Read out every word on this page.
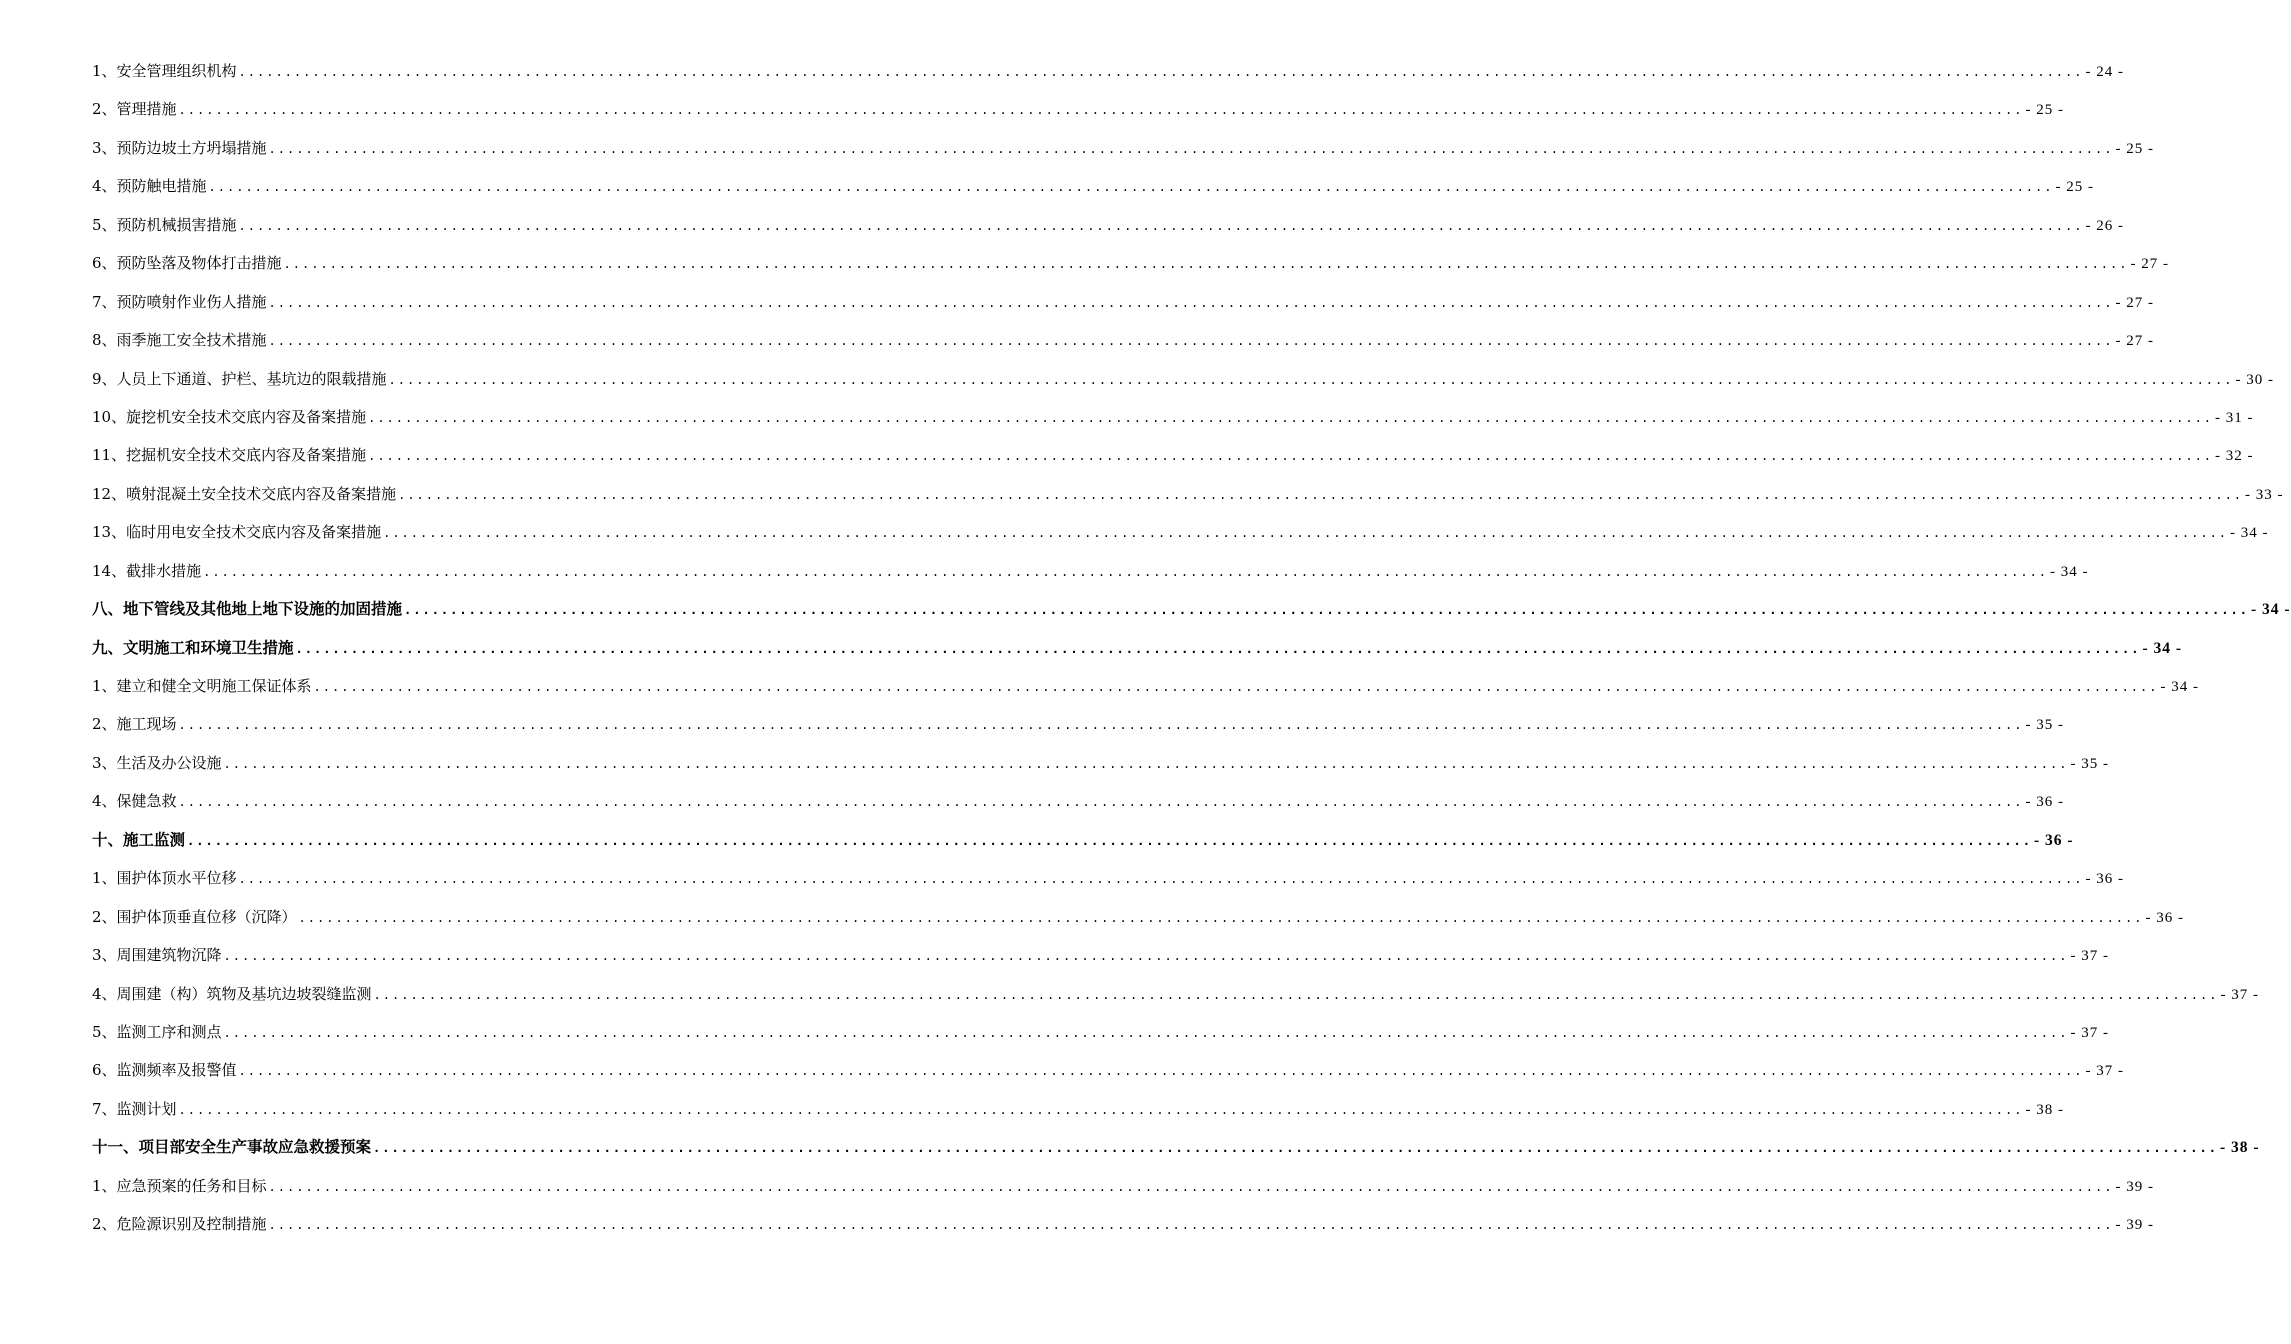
1、安全管理组织机构 ........................................................................................................................................................................................................ - 24 -
2、管理措施 ........................................................................................................................................................................................................ - 25 -
3、预防边坡土方坍塌措施 ........................................................................................................................................................................................................ - 25 -
4、预防触电措施 ........................................................................................................................................................................................................ - 25 -
5、预防机械损害措施 ........................................................................................................................................................................................................ - 26 -
6、预防坠落及物体打击措施 ........................................................................................................................................................................................................ - 27 -
7、预防喷射作业伤人措施 ........................................................................................................................................................................................................ - 27 -
8、雨季施工安全技术措施 ........................................................................................................................................................................................................ - 27 -
9、人员上下通道、护栏、基坑边的限载措施 ........................................................................................................................................................................................................ - 30 -
10、旋挖机安全技术交底内容及备案措施 ........................................................................................................................................................................................................ - 31 -
11、挖掘机安全技术交底内容及备案措施 ........................................................................................................................................................................................................ - 32 -
12、喷射混凝土安全技术交底内容及备案措施 ........................................................................................................................................................................................................ - 33 -
13、临时用电安全技术交底内容及备案措施 ........................................................................................................................................................................................................ - 34 -
14、截排水措施 ........................................................................................................................................................................................................ - 34 -
八、地下管线及其他地上地下设施的加固措施 ........................................................................................................................................................................................................ - 34 -
九、文明施工和环境卫生措施 ........................................................................................................................................................................................................ - 34 -
1、建立和健全文明施工保证体系 ........................................................................................................................................................................................................ - 34 -
2、施工现场 ........................................................................................................................................................................................................ - 35 -
3、生活及办公设施 ........................................................................................................................................................................................................ - 35 -
4、保健急救 ........................................................................................................................................................................................................ - 36 -
十、施工监测 ........................................................................................................................................................................................................ - 36 -
1、围护体顶水平位移 ........................................................................................................................................................................................................ - 36 -
2、围护体顶垂直位移（沉降） ........................................................................................................................................................................................................ - 36 -
3、周围建筑物沉降 ........................................................................................................................................................................................................ - 37 -
4、周围建（构）筑物及基坑边坡裂缝监测 ........................................................................................................................................................................................................ - 37 -
5、监测工序和测点 ........................................................................................................................................................................................................ - 37 -
6、监测频率及报警值 ........................................................................................................................................................................................................ - 37 -
7、监测计划 ........................................................................................................................................................................................................ - 38 -
十一、项目部安全生产事故应急救援预案 ........................................................................................................................................................................................................ - 38 -
1、应急预案的任务和目标 ........................................................................................................................................................................................................ - 39 -
2、危险源识别及控制措施 ........................................................................................................................................................................................................ - 39 -
